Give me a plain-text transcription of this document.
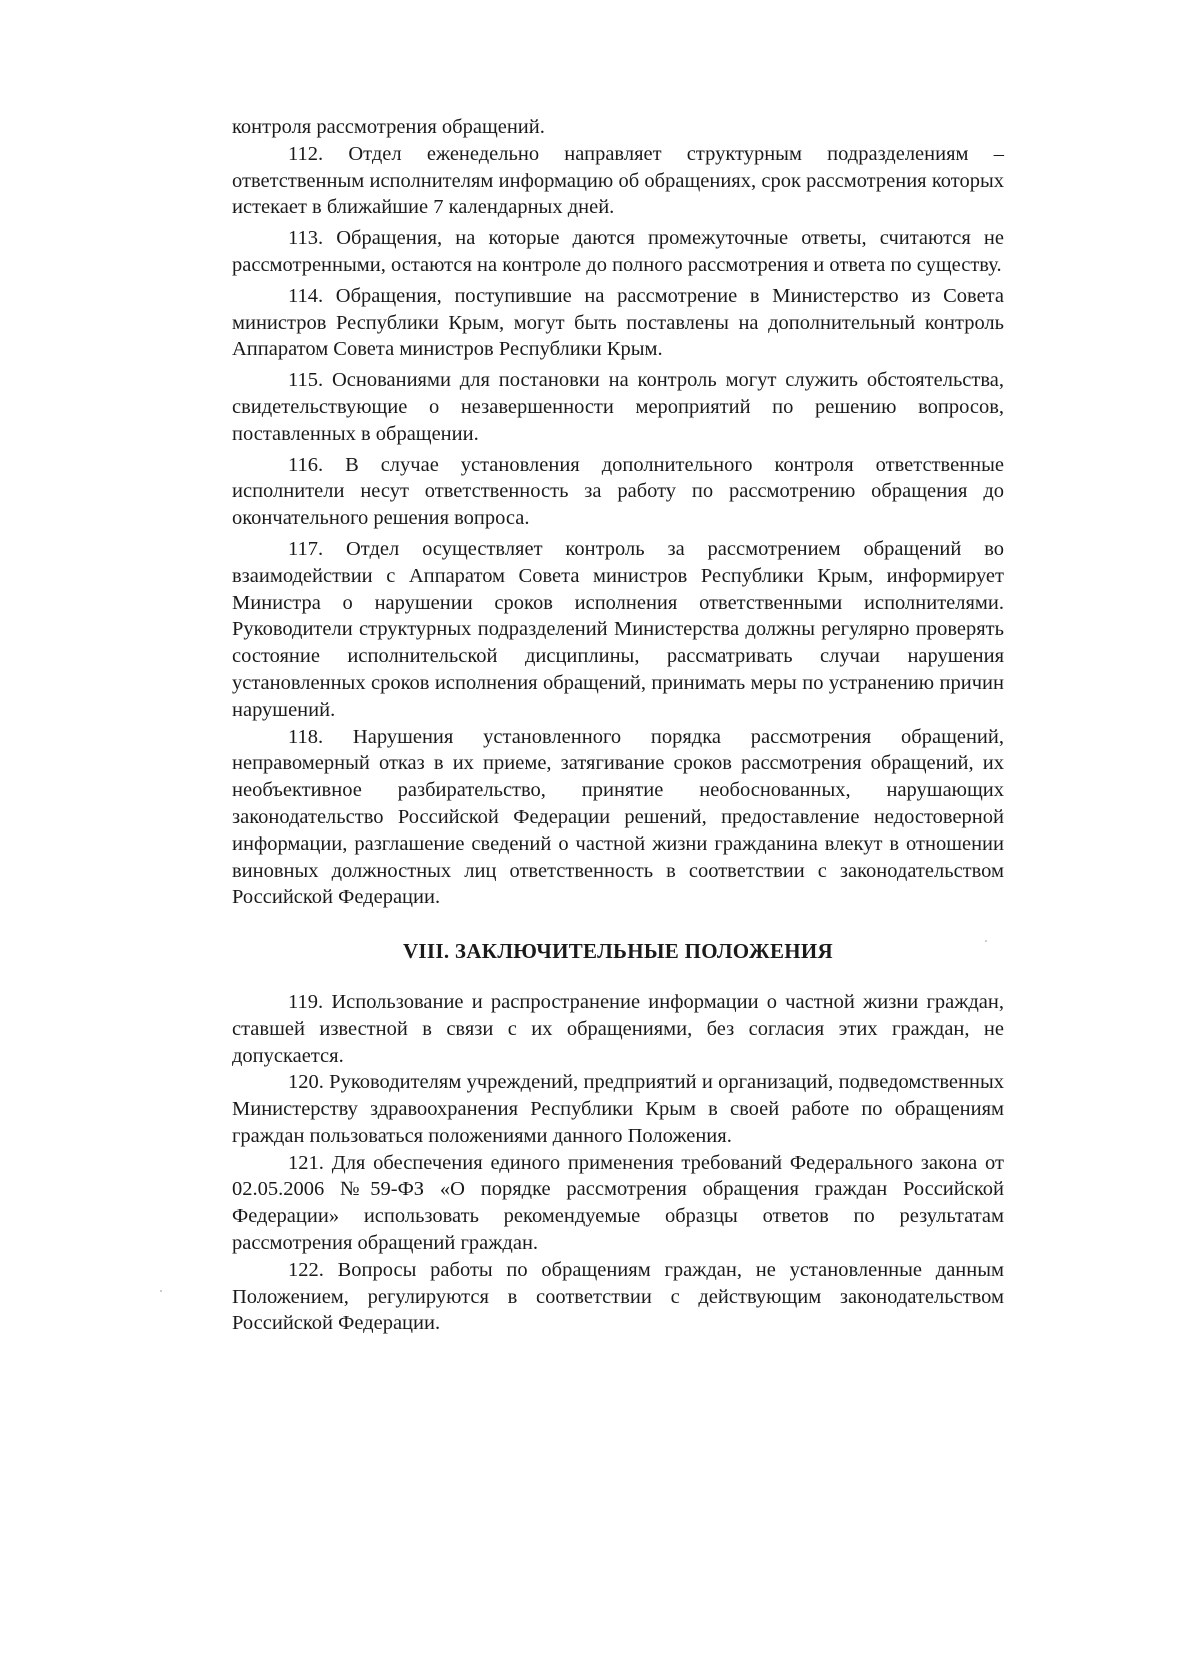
контроля рассмотрения обращений.

112. Отдел еженедельно направляет структурным подразделениям – ответственным исполнителям информацию об обращениях, срок рассмотрения которых истекает в ближайшие 7 календарных дней.

113. Обращения, на которые даются промежуточные ответы, считаются не рассмотренными, остаются на контроле до полного рассмотрения и ответа по существу.

114. Обращения, поступившие на рассмотрение в Министерство из Совета министров Республики Крым, могут быть поставлены на дополнительный контроль Аппаратом Совета министров Республики Крым.

115. Основаниями для постановки на контроль могут служить обстоятельства, свидетельствующие о незавершенности мероприятий по решению вопросов, поставленных в обращении.

116. В случае установления дополнительного контроля ответственные исполнители несут ответственность за работу по рассмотрению обращения до окончательного решения вопроса.

117. Отдел осуществляет контроль за рассмотрением обращений во взаимодействии с Аппаратом Совета министров Республики Крым, информирует Министра о нарушении сроков исполнения ответственными исполнителями. Руководители структурных подразделений Министерства должны регулярно проверять состояние исполнительской дисциплины, рассматривать случаи нарушения установленных сроков исполнения обращений, принимать меры по устранению причин нарушений.

118. Нарушения установленного порядка рассмотрения обращений, неправомерный отказ в их приеме, затягивание сроков рассмотрения обращений, их необъективное разбирательство, принятие необоснованных, нарушающих законодательство Российской Федерации решений, предоставление недостоверной информации, разглашение сведений о частной жизни гражданина влекут в отношении виновных должностных лиц ответственность в соответствии с законодательством Российской Федерации.

VIII. ЗАКЛЮЧИТЕЛЬНЫЕ ПОЛОЖЕНИЯ

119. Использование и распространение информации о частной жизни граждан, ставшей известной в связи с их обращениями, без согласия этих граждан, не допускается.

120. Руководителям учреждений, предприятий и организаций, подведомственных Министерству здравоохранения Республики Крым в своей работе по обращениям граждан пользоваться положениями данного Положения.

121. Для обеспечения единого применения требований Федерального закона от 02.05.2006 №59-ФЗ «О порядке рассмотрения обращения граждан Российской Федерации» использовать рекомендуемые образцы ответов по результатам рассмотрения обращений граждан.

122. Вопросы работы по обращениям граждан, не установленные данным Положением, регулируются в соответствии с действующим законодательством Российской Федерации.
